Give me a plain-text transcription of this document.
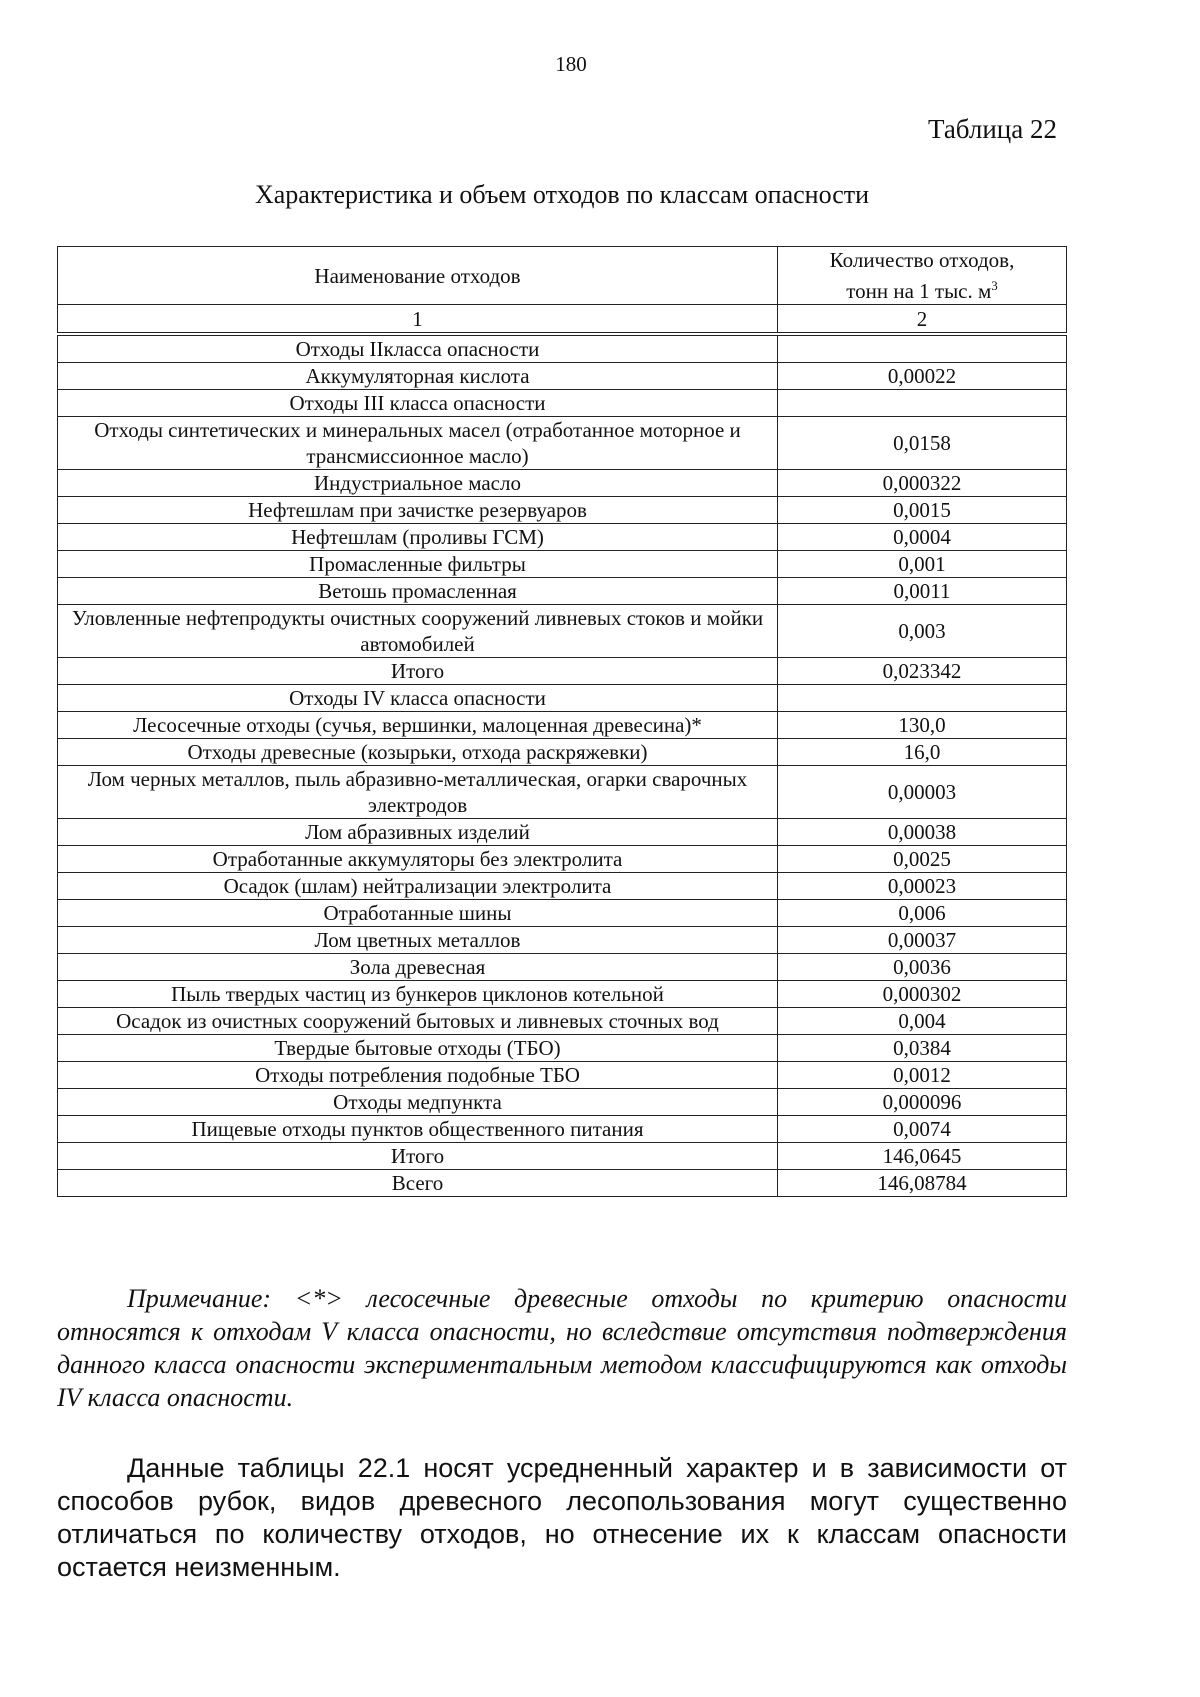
180
Таблица 22
Характеристика и объем отходов по классам опасности
Наименование отходов	Количество отходов,
тонн на 1 тыс. $м^3$
1	2
Отходы IIкласса опасности	
Аккумуляторная кислота	0,00022
Отходы III класса опасности	
Отходы синтетических и минеральных масел (отработанное моторное и трансмиссионное масло)	0,0158
Индустриальное масло	0,000322
Нефтешлам при зачистке резервуаров	0,0015
Нефтешлам (проливы ГСМ)	0,0004
Промасленные фильтры	0,001
Ветошь промасленная	0,0011
Уловленные нефтепродукты очистных сооружений ливневых стоков и мойки автомобилей	0,003
Итого	0,023342
Отходы IV класса опасности	
Лесосечные отходы (сучья, вершинки, малоценная древесина)*	130,0
Отходы древесные (козырьки, отхода раскряжевки)	16,0
Лом черных металлов, пыль абразивно-металлическая, огарки сварочных электродов	0,00003
Лом абразивных изделий	0,00038
Отработанные аккумуляторы без электролита	0,0025
Осадок (шлам) нейтрализации электролита	0,00023
Отработанные шины	0,006
Лом цветных металлов	0,00037
Зола древесная	0,0036
Пыль твердых частиц из бункеров циклонов котельной	0,000302
Осадок из очистных сооружений бытовых и ливневых сточных вод	0,004
Твердые бытовые отходы (ТБО)	0,0384
Отходы потребления подобные ТБО	0,0012
Отходы медпункта	0,000096
Пищевые отходы пунктов общественного питания	0,0074
Итого	146,0645
Всего	146,08784
Примечание: <*> лесосечные древесные отходы по критерию опасности относятся к отходам V класса опасности, но вследствие отсутствия подтверждения данного класса опасности экспериментальным методом классифицируются как отходы IV класса опасности.
Данные таблицы 22.1 носят усредненный характер и в зависимости от способов рубок, видов древесного лесопользования могут существенно отличаться по количеству отходов, но отнесение их к классам опасности остается неизменным.
